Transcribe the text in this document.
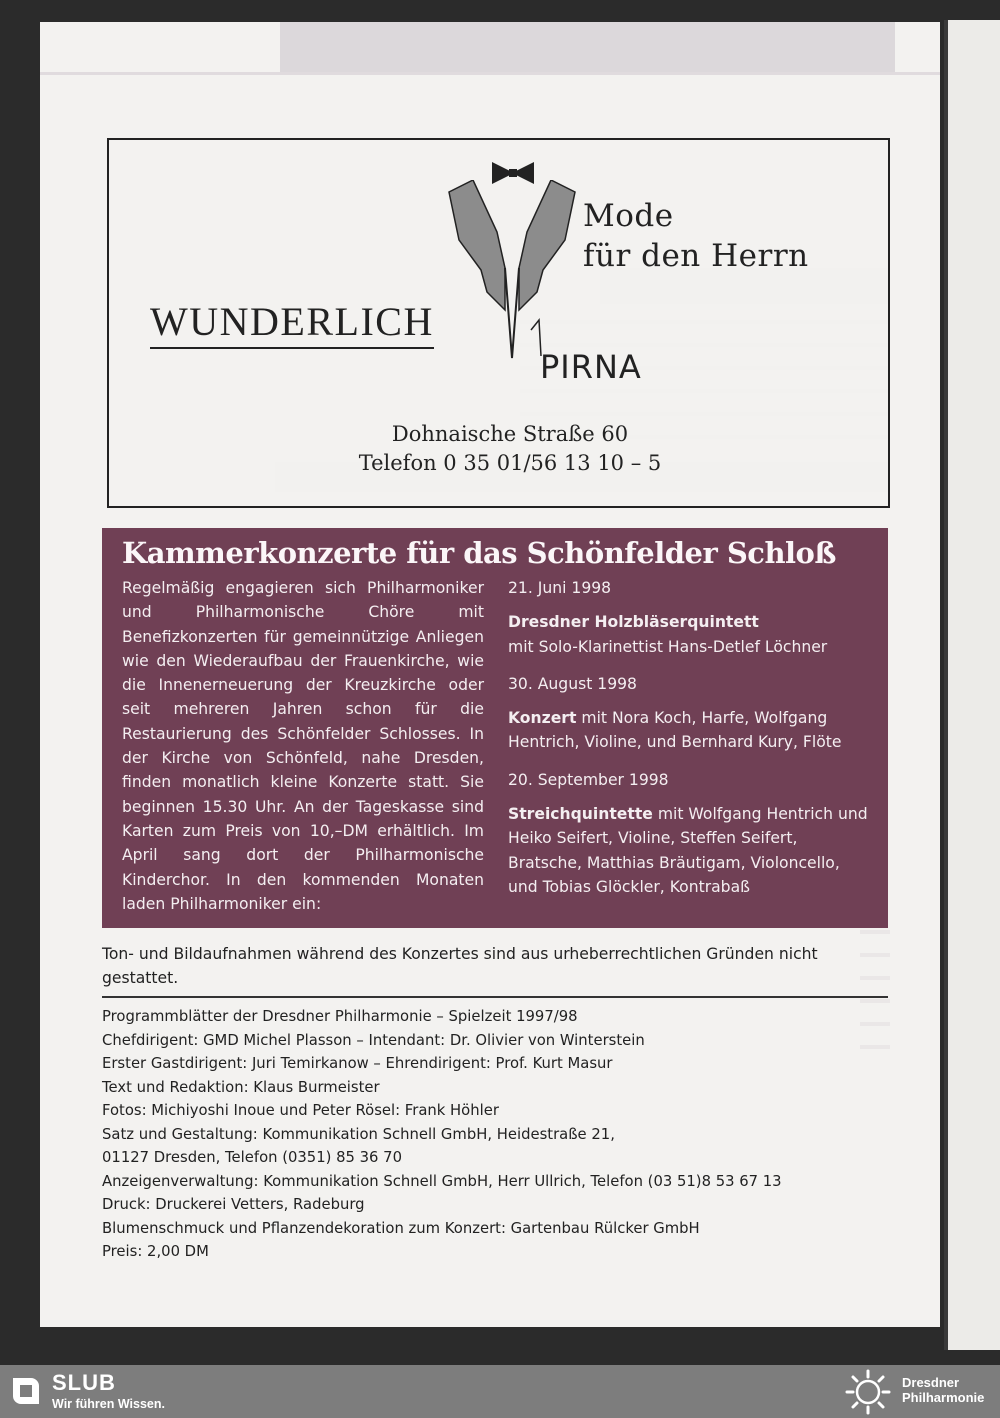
Mode
für den Herrn
WUNDERLICH
PIRNA
Dohnaische Straße 60
Telefon 0 35 01/56 13 10 – 5
Kammerkonzerte für das Schönfelder Schloß
Regelmäßig engagieren sich Philharmoniker und Philharmonische Chöre mit Benefizkonzerten für gemeinnützige Anliegen wie den Wiederaufbau der Frauenkirche, wie die Innenerneuerung der Kreuzkirche oder seit mehreren Jahren schon für die Restaurierung des Schönfelder Schlosses. In der Kirche von Schönfeld, nahe Dresden, finden monatlich kleine Konzerte statt. Sie beginnen 15.30 Uhr. An der Tageskasse sind Karten zum Preis von 10,–DM erhältlich. Im April sang dort der Philharmonische Kinderchor. In den kommenden Monaten laden Philharmoniker ein:
21. Juni 1998
Dresdner Holzbläserquintett
mit Solo-Klarinettist Hans-Detlef Löchner
30. August 1998
Konzert mit Nora Koch, Harfe, Wolfgang Hentrich, Violine, und Bernhard Kury, Flöte
20. September 1998
Streichquintette mit Wolfgang Hentrich und Heiko Seifert, Violine, Steffen Seifert, Bratsche, Matthias Bräutigam, Violoncello, und Tobias Glöckler, Kontrabaß
Ton- und Bildaufnahmen während des Konzertes sind aus urheberrechtlichen Gründen nicht gestattet.
Programmblätter der Dresdner Philharmonie – Spielzeit 1997/98
Chefdirigent: GMD Michel Plasson – Intendant: Dr. Olivier von Winterstein
Erster Gastdirigent: Juri Temirkanow – Ehrendirigent: Prof. Kurt Masur
Text und Redaktion: Klaus Burmeister
Fotos: Michiyoshi Inoue und Peter Rösel: Frank Höhler
Satz und Gestaltung: Kommunikation Schnell GmbH, Heidestraße 21,
01127 Dresden, Telefon (0351) 85 36 70
Anzeigenverwaltung: Kommunikation Schnell GmbH, Herr Ullrich, Telefon (03 51)8 53 67 13
Druck: Druckerei Vetters, Radeburg
Blumenschmuck und Pflanzendekoration zum Konzert: Gartenbau Rülcker GmbH
Preis: 2,00 DM
SLUB
Wir führen Wissen.
Dresdner
Philharmonie
